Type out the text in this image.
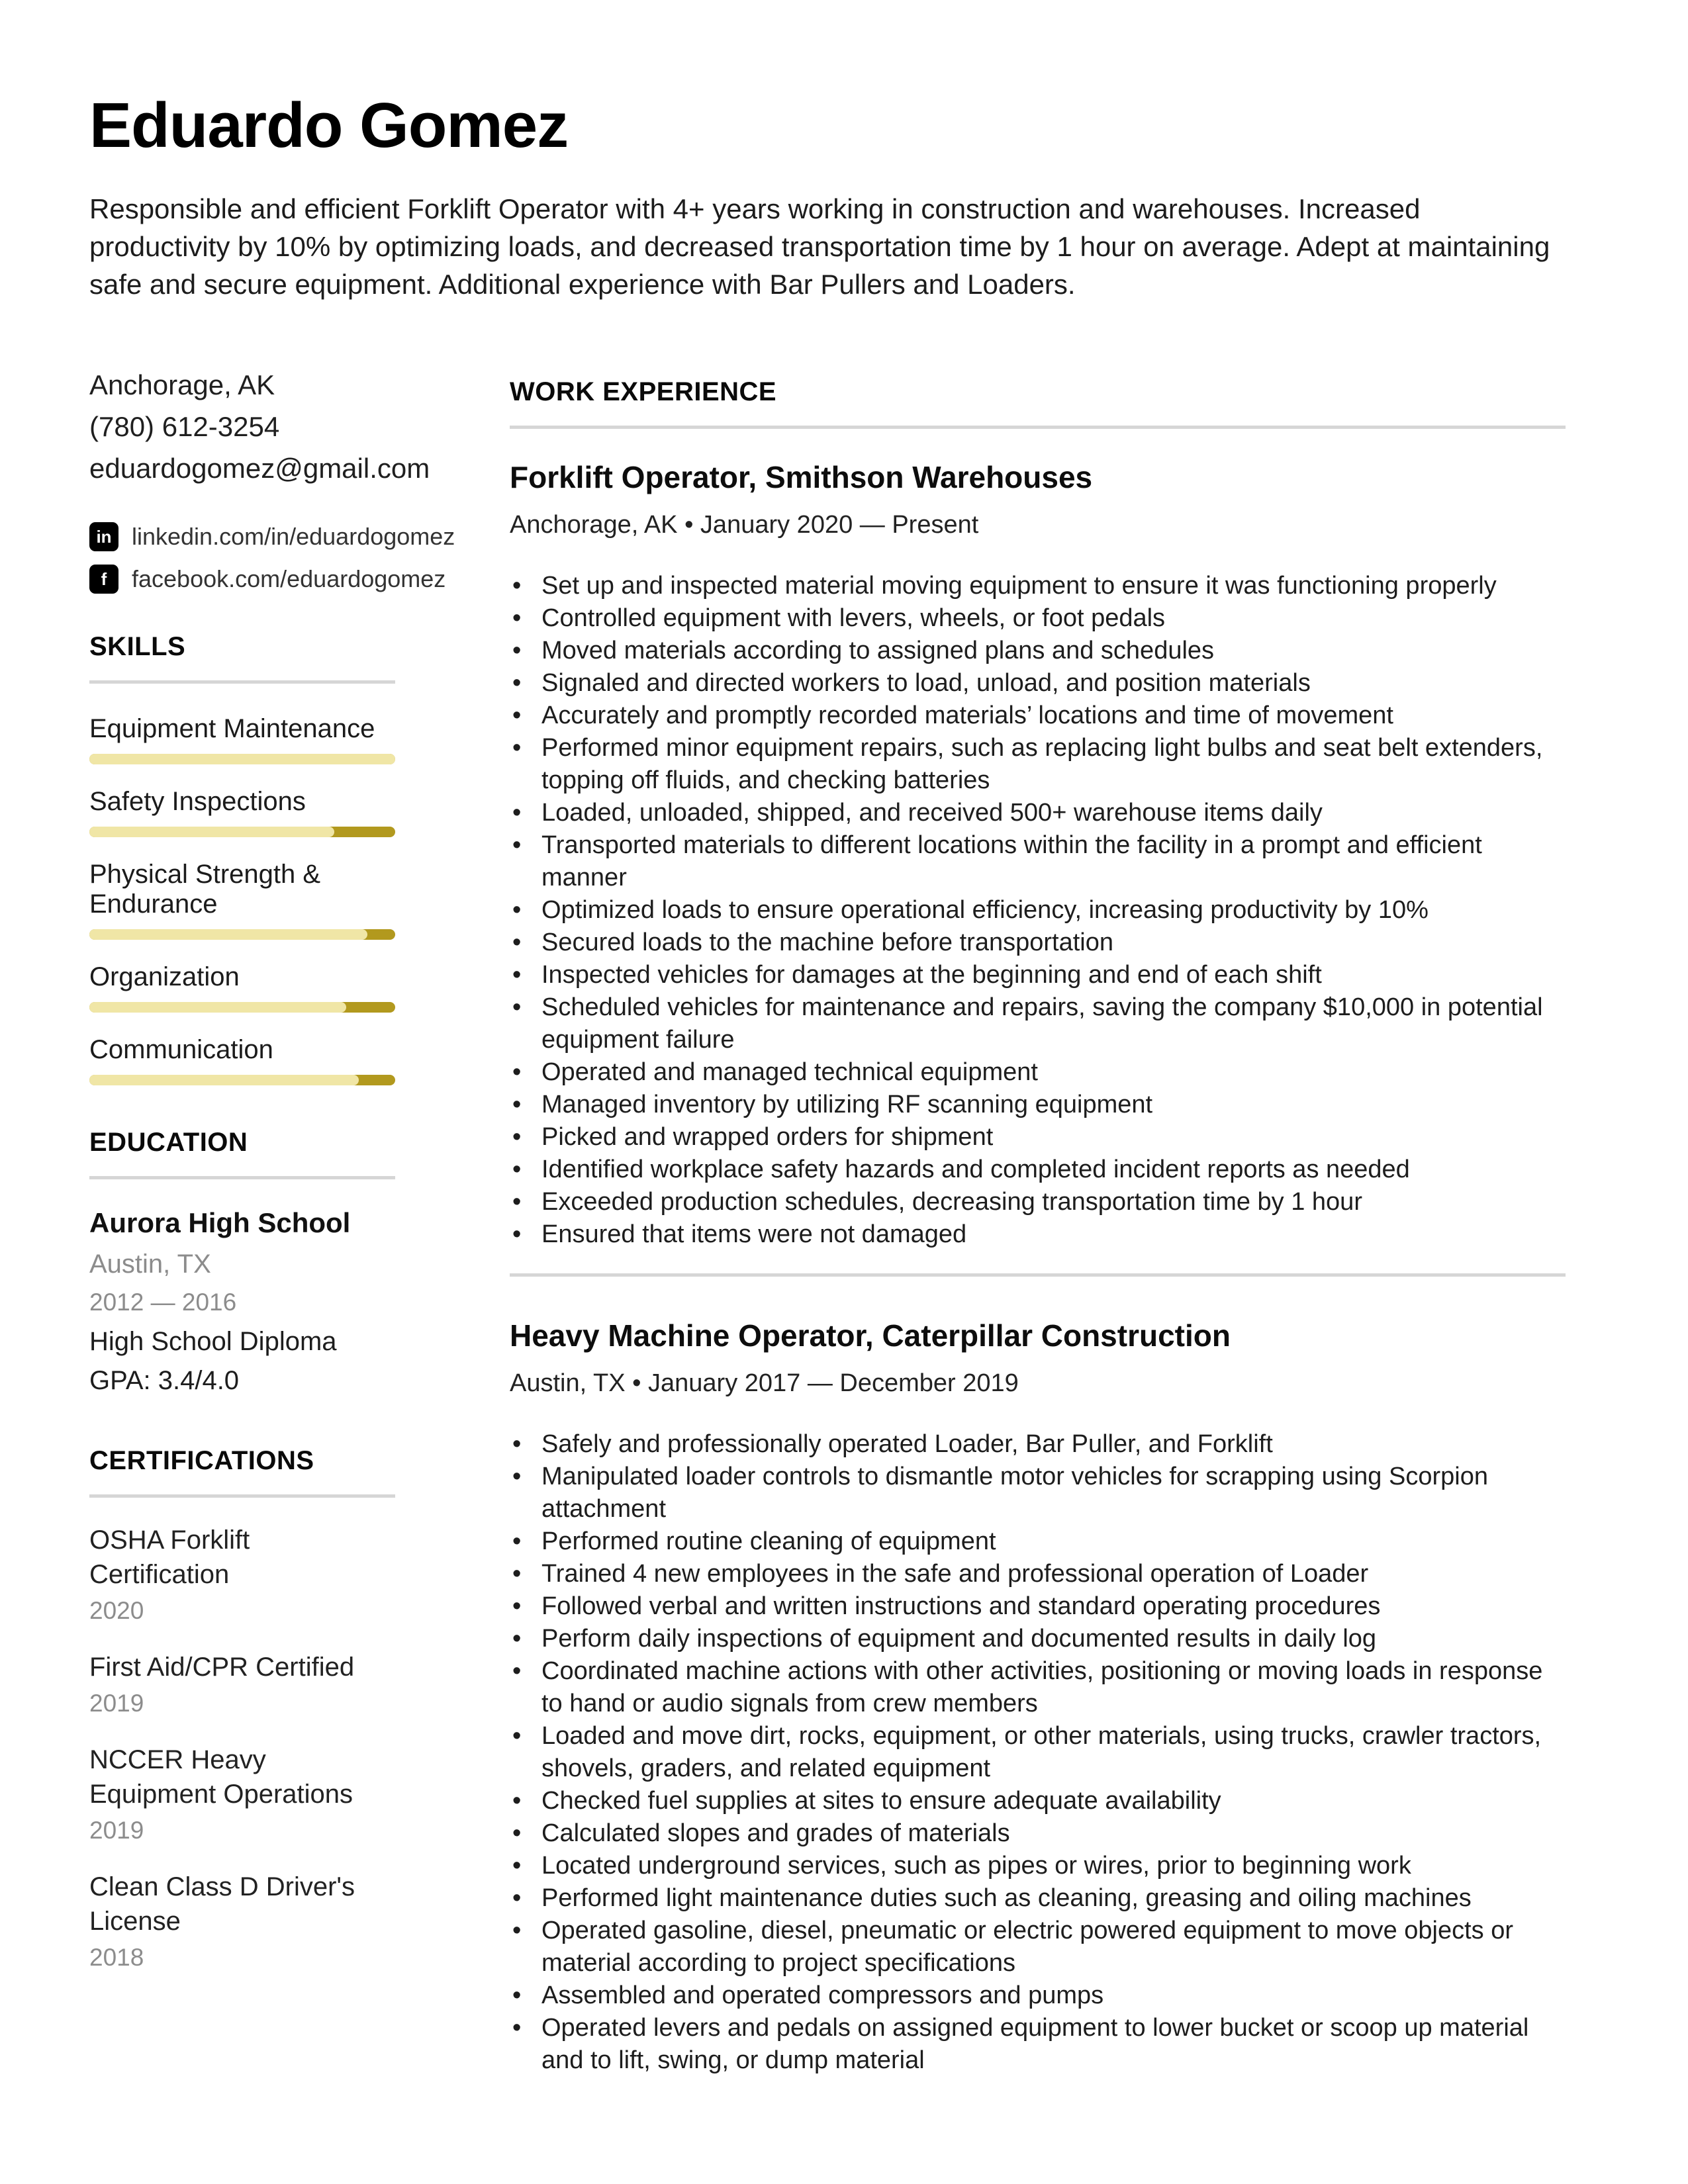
Eduardo Gomez

Responsible and efficient Forklift Operator with 4+ years working in construction and warehouses. Increased productivity by 10% by optimizing loads, and decreased transportation time by 1 hour on average. Adept at maintaining safe and secure equipment. Additional experience with Bar Pullers and Loaders.

Anchorage, AK
(780) 612-3254
eduardogomez@gmail.com
in linkedin.com/in/eduardogomez
f	facebook.com/eduardogomez
SKILLS
Equipment Maintenance
Safety Inspections
Physical Strength & Endurance
Organization
Communication
EDUCATION
Aurora High School
Austin, TX
2012 — 2016
High School Diploma
GPA: 3.4/4.0
CERTIFICATIONS
OSHA Forklift Certification
2020
First Aid/CPR Certified
2019
NCCER Heavy Equipment Operations
2019
Clean Class D Driver's License
2018
WORK EXPERIENCE
Forklift Operator, Smithson Warehouses

Anchorage, AK • January 2020 — Present

• Set up and inspected material moving equipment to ensure it was functioning properly
• Controlled equipment with levers, wheels, or foot pedals
• Moved materials according to assigned plans and schedules
• Signaled and directed workers to load, unload, and position materials
• Accurately and promptly recorded materials’ locations and time of movement
• Performed minor equipment repairs, such as replacing light bulbs and seat belt extenders, topping off fluids, and checking batteries
• Loaded, unloaded, shipped, and received 500+ warehouse items daily
• Transported materials to different locations within the facility in a prompt and efficient manner
• Optimized loads to ensure operational efficiency, increasing productivity by 10%
• Secured loads to the machine before transportation
• Inspected vehicles for damages at the beginning and end of each shift
• Scheduled vehicles for maintenance and repairs, saving the company $10,000 in potential equipment failure
• Operated and managed technical equipment
• Managed inventory by utilizing RF scanning equipment
• Picked and wrapped orders for shipment
• Identified workplace safety hazards and completed incident reports as needed
• Exceeded production schedules, decreasing transportation time by 1 hour
• Ensured that items were not damaged
Heavy Machine Operator, Caterpillar Construction

Austin, TX • January 2017 — December 2019

• Safely and professionally operated Loader, Bar Puller, and Forklift
• Manipulated loader controls to dismantle motor vehicles for scrapping using Scorpion attachment
• Performed routine cleaning of equipment
• Trained 4 new employees in the safe and professional operation of Loader
• Followed verbal and written instructions and standard operating procedures
• Perform daily inspections of equipment and documented results in daily log
• Coordinated machine actions with other activities, positioning or moving loads in response to hand or audio signals from crew members
• Loaded and move dirt, rocks, equipment, or other materials, using trucks, crawler tractors, shovels, graders, and related equipment
• Checked fuel supplies at sites to ensure adequate availability
• Calculated slopes and grades of materials
• Located underground services, such as pipes or wires, prior to beginning work
• Performed light maintenance duties such as cleaning, greasing and oiling machines
• Operated gasoline, diesel, pneumatic or electric powered equipment to move objects or material according to project specifications
• Assembled and operated compressors and pumps
• Operated levers and pedals on assigned equipment to lower bucket or scoop up material and to lift, swing, or dump material
